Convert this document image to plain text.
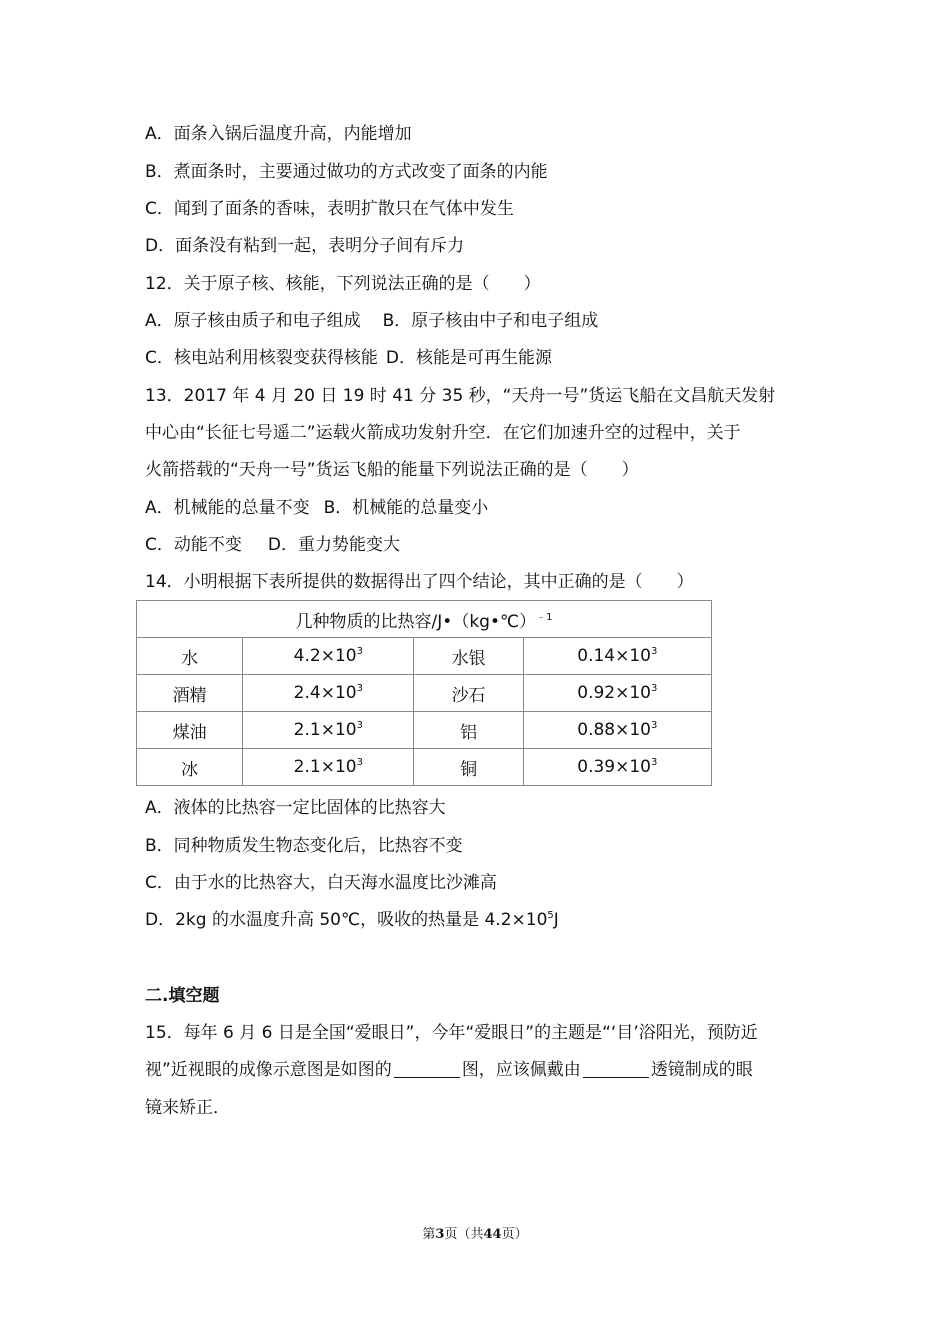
A．面条入锅后温度升高，内能增加
B．煮面条时，主要通过做功的方式改变了面条的内能
C．闻到了面条的香味，表明扩散只在气体中发生
D．面条没有粘到一起，表明分子间有斥力
12．关于原子核、核能，下列说法正确的是（　　）
A．原子核由质子和电子组成 B．原子核由中子和电子组成
C．核电站利用核裂变获得核能 D．核能是可再生能源
13．2017 年 4 月 20 日 19 时 41 分 35 秒，“天舟一号”货运飞船在文昌航天发射
中心由“长征七号遥二”运载火箭成功发射升空．在它们加速升空的过程中，关于
火箭搭载的“天舟一号”货运飞船的能量下列说法正确的是（　　）
A．机械能的总量不变 B．机械能的总量变小
C．动能不变 D．重力势能变大
14．小明根据下表所提供的数据得出了四个结论，其中正确的是（　　）
几种物质的比热容/J•（kg•℃）$^{﹣1}$
水	$4.2\times 10^3$	水银	$0.14\times 10^3$
酒精	$2.4\times 10^3$	沙石	$0.92\times 10^3$
煤油	$2.1\times 10^3$	铝	$0.88\times 10^3$
冰	$2.1\times 10^3$	铜	$0.39\times 10^3$
A．液体的比热容一定比固体的比热容大
B．同种物质发生物态变化后，比热容不变
C．由于水的比热容大，白天海水温度比沙滩高
D．2kg 的水温度升高 50℃，吸收的热量是 $4.2\times 10^5J$
二.填空题
15．每年 6 月 6 日是全国“爱眼日”，今年“爱眼日”的主题是“‘目’浴阳光，预防近
视”近视眼的成像示意图是如图的	图，应该佩戴由	透镜制成的眼
镜来矫正．
第3页（共44页）
